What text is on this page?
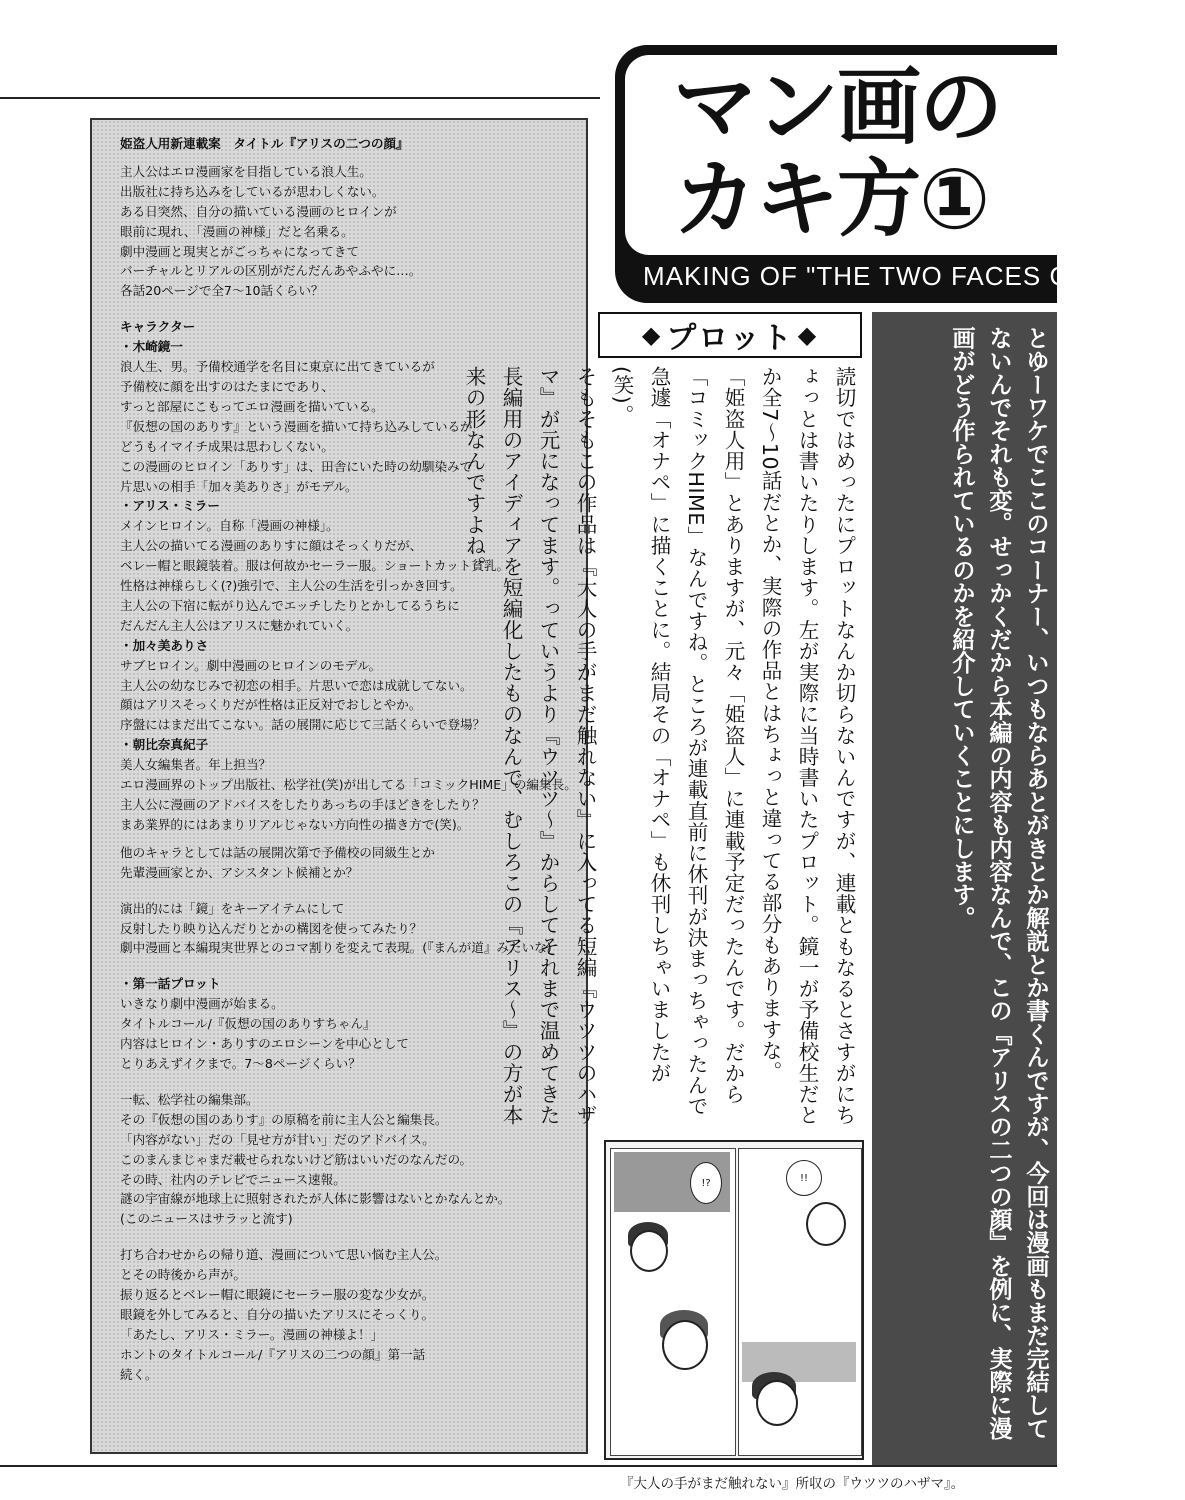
姫盗人用新連載案　タイトル『アリスの二つの顔』
主人公はエロ漫画家を目指している浪人生。
出版社に持ち込みをしているが思わしくない。
ある日突然、自分の描いている漫画のヒロインが
眼前に現れ、「漫画の神様」だと名乗る。
劇中漫画と現実とがごっちゃになってきて
バーチャルとリアルの区別がだんだんあやふやに…。
各話20ページで全7〜10話くらい？
キャラクター
・木崎鏡一
浪人生、男。予備校通学を名目に東京に出てきているが
予備校に顔を出すのはたまにであり、
すっと部屋にこもってエロ漫画を描いている。
『仮想の国のありす』という漫画を描いて持ち込みしているが
どうもイマイチ成果は思わしくない。
この漫画のヒロイン「ありす」は、田舎にいた時の幼馴染みで
片思いの相手「加々美ありさ」がモデル。
・アリス・ミラー
メインヒロイン。自称「漫画の神様」。
主人公の描いてる漫画のありすに顔はそっくりだが、
ベレー帽と眼鏡装着。服は何故かセーラー服。ショートカット貧乳。
性格は神様らしく(?)強引で、主人公の生活を引っかき回す。
主人公の下宿に転がり込んでエッチしたりとかしてるうちに
だんだん主人公はアリスに魅かれていく。
・加々美ありさ
サブヒロイン。劇中漫画のヒロインのモデル。
主人公の幼なじみで初恋の相手。片思いで恋は成就してない。
顔はアリスそっくりだが性格は正反対でおしとやか。
序盤にはまだ出てこない。話の展開に応じて三話くらいで登場？
・朝比奈真紀子
美人女編集者。年上担当？
エロ漫画界のトップ出版社、松学社(笑)が出してる「コミックHIME」の編集長。
主人公に漫画のアドバイスをしたりあっちの手ほどきをしたり？
まあ業界的にはあまりリアルじゃない方向性の描き方で(笑)。
他のキャラとしては話の展開次第で予備校の同級生とか
先輩漫画家とか、アシスタント候補とか？
演出的には「鏡」をキーアイテムにして
反射したり映り込んだりとかの構図を使ってみたり？
劇中漫画と本編現実世界とのコマ割りを変えて表現。(『まんが道』みたいな)
・第一話プロット
いきなり劇中漫画が始まる。
タイトルコール/『仮想の国のありすちゃん』
内容はヒロイン・ありすのエロシーンを中心として
とりあえずイクまで。7〜8ページくらい？
一転、松学社の編集部。
その『仮想の国のありす』の原稿を前に主人公と編集長。
「内容がない」だの「見せ方が甘い」だのアドバイス。
このまんまじゃまだ載せられないけど筋はいいだのなんだの。
その時、社内のテレビでニュース速報。
謎の宇宙線が地球上に照射されたが人体に影響はないとかなんとか。
(このニュースはサラッと流す)
打ち合わせからの帰り道、漫画について思い悩む主人公。
とその時後から声が。
振り返るとベレー帽に眼鏡にセーラー服の変な少女が。
眼鏡を外してみると、自分の描いたアリスにそっくり。
「あたし、アリス・ミラー。漫画の神様よ！」
ホントのタイトルコール/『アリスの二つの顔』第一話
続く。
マン画の
カキ方①
MAKING OF "THE TWO FACES OF ALICE"
◆ プロット ◆	とゆーワケでここのコーナー、いつもならあとがきとか解説とか書くんですが、今回は漫画もまだ完結してないんでそれも変。せっかくだから本編の内容も内容なんで、この『アリスの二つの顔』を例に、実際に漫画がどう作られているのかを紹介していくことにします。

読切ではめったにプロットなんか切らないんですが、連載ともなるとさすがにちょっとは書いたりします。左が実際に当時書いたプロット。鏡一が予備校生だとか全7〜10話だとか、実際の作品とはちょっと違ってる部分もありますな。

「姫盗人用」とありますが、元々「姫盗人」に連載予定だったんです。だから「コミックHIME」なんですね。ところが連載直前に休刊が決まっちゃったんで急遽「オナペ」に描くことに。結局その「オナペ」も休刊しちゃいましたが(笑)。

そもそもこの作品は『大人の手がまだ触れない』に入ってる短編『ウツツのハザマ』が元になってます。っていうより『ウツツ〜』からしてそれまで温めてきた長編用のアイディアを短編化したものなんで、むしろこの『アリス〜』の方が本来の形なんですよね。

!!
!?
『大人の手がまだ触れない』所収の『ウツツのハザマ』。
